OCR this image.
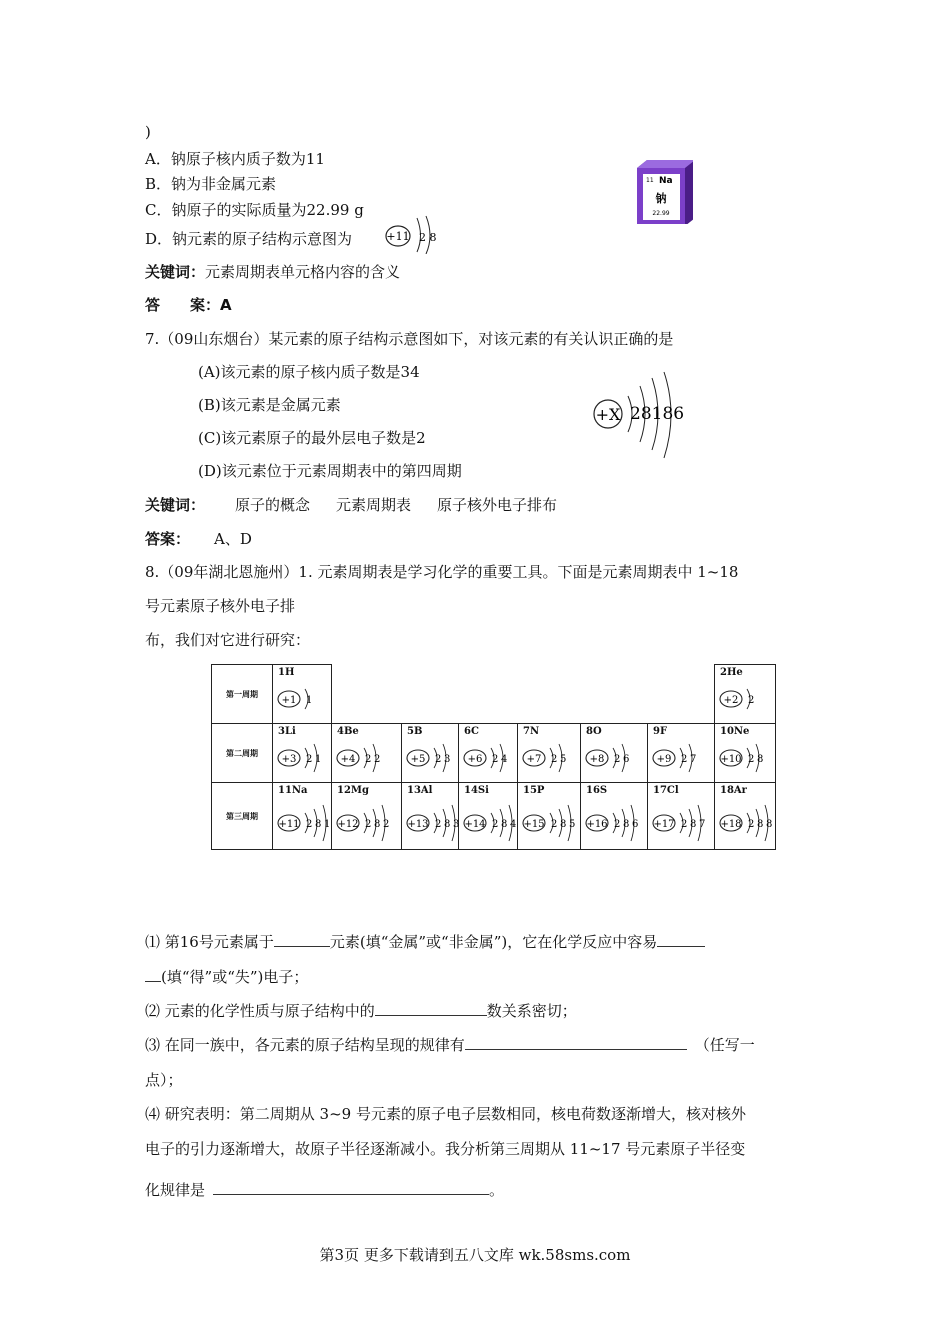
)
A．钠原子核内质子数为11
B．钠为非金属元素
C．钠原子的实际质量为22.99 g
D．钠元素的原子结构示意图为	+11 2 8
11 Na
钠
22.99
关键词：元素周期表单元格内容的含义
答　　案：A
7.（09山东烟台）某元素的原子结构示意图如下，对该元素的有关认识正确的是
(A)该元素的原子核内质子数是34
(B)该元素是金属元素
(C)该元素原子的最外层电子数是2
(D)该元素位于元素周期表中的第四周期
+X 28186
关键词： 原子的概念 元素周期表 原子核外电子排布
答案： A、D
8.（09年湖北恩施州）1. 元素周期表是学习化学的重要工具。下面是元素周期表中 1~18
号元素原子核外电子排
布，我们对它进行研究：
第一周期	1H
+1 1							2He
+2 2

第二周期	3Li
+3 2 1	4Be
+4 2 2	5B
+5 2 3	6C
+6 2 4	7N
+7 2 5	8O
+8 2 6	9F
+9 2 7	10Ne
+10 2 8

第三周期	11Na
+11 2 8 1	12Mg
+12 2 8 2	13Al
+13 2 8 3	14Si
+14 2 8 4	15P
+15 2 8 5	16S
+16 2 8 6	17Cl
+17 2 8 7	18Ar
+18 2 8 8
⑴ 第16号元素属于	元素(填“金属”或“非金属”)，它在化学反应中容易
(填“得”或“失”)电子；
⑵ 元素的化学性质与原子结构中的	数关系密切；
⑶ 在同一族中，各元素的原子结构呈现的规律有	（任写一
点）；
⑷ 研究表明：第二周期从 3~9 号元素的原子电子层数相同，核电荷数逐渐增大，核对核外
电子的引力逐渐增大，故原子半径逐渐减小。我分析第三周期从 11~17 号元素原子半径变
化规律是	。
第3页 更多下载请到五八文库 wk.58sms.com
